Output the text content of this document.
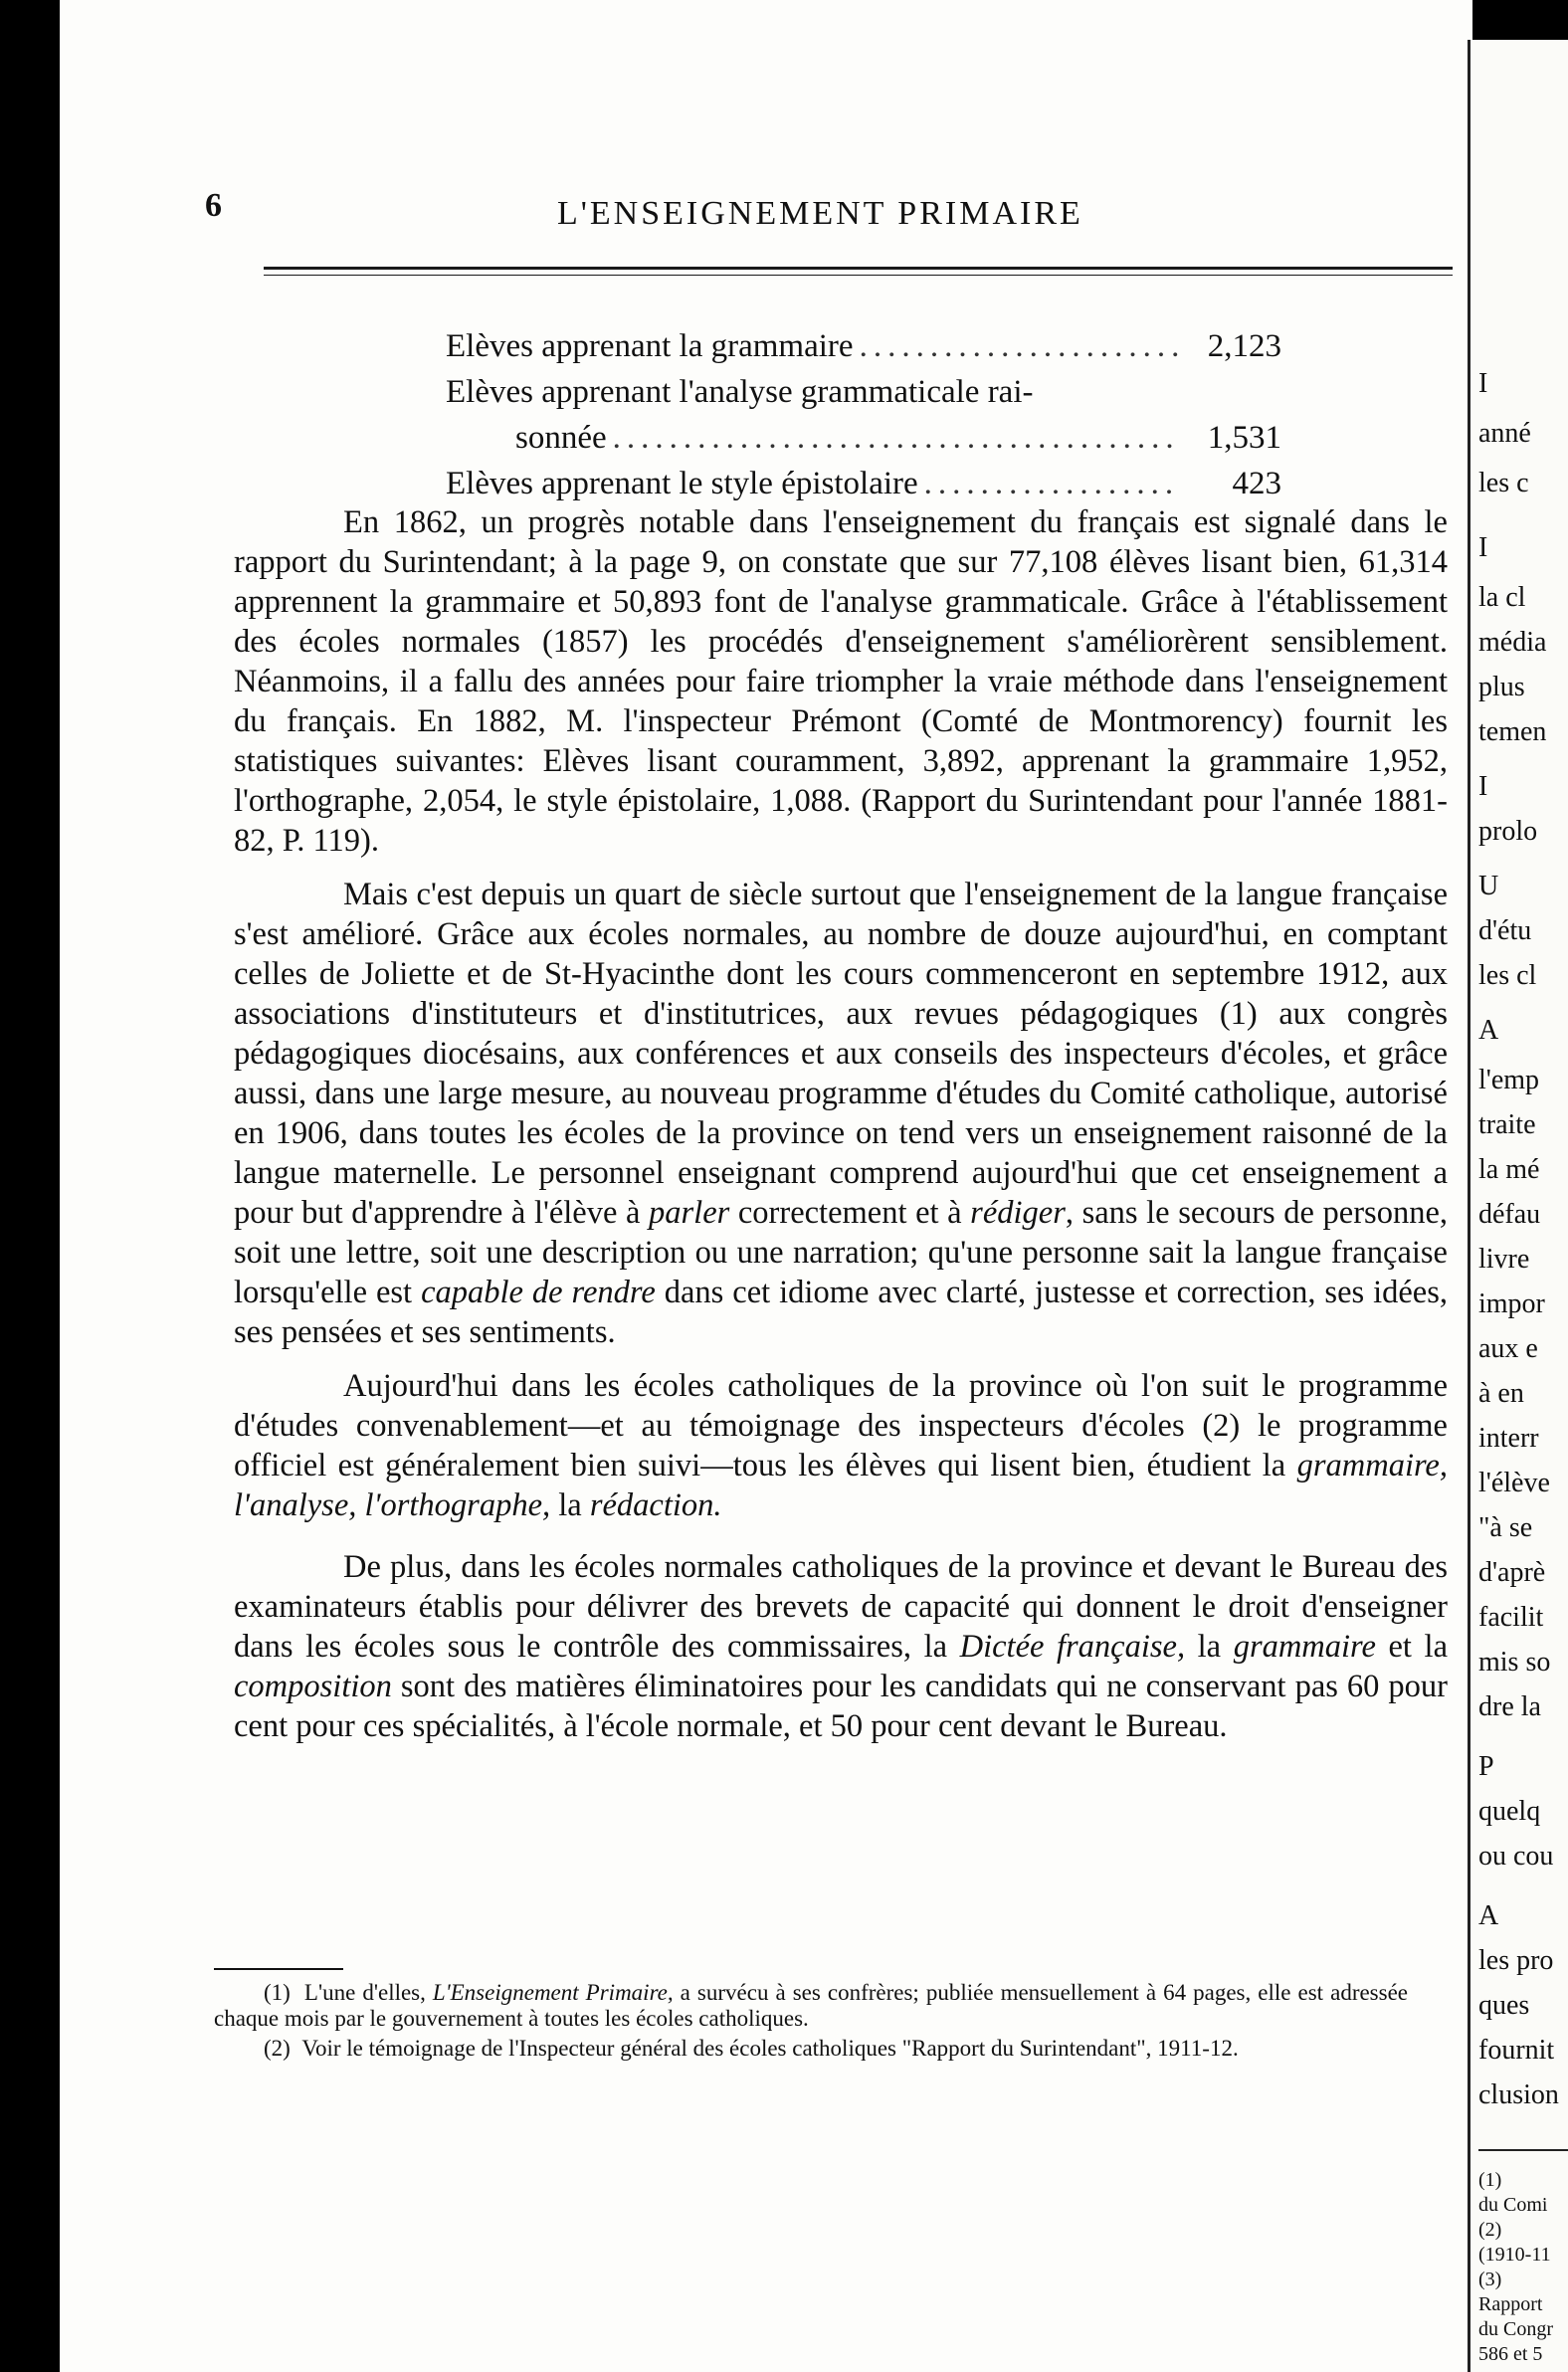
I
anné
les c
I
la cl
média
plus
temen
I
prolo
U
d'étu
les cl
A
l'emp
traite
la mé
défau
livre
impor
aux e
à en
interr
l'élève
"à se
d'aprè
facilit
mis so
dre la
P
quelq
ou cou
A
les pro
ques
fournit
clusion
(1)
du Comi
(2)
(1910-11
(3)
Rapport
du Congr
586 et 5
6	L'ENSEIGNEMENT PRIMAIRE
Elèves apprenant la grammaire .....	2,123
Elèves apprenant l'analyse grammaticale rai-
sonnée .....	1,531
Elèves apprenant le style épistolaire .....	423

En 1862, un progrès notable dans l'enseignement du français est signalé dans le rapport du Surintendant; à la page 9, on constate que sur 77,108 élèves lisant bien, 61,314 apprennent la grammaire et 50,893 font de l'analyse grammaticale. Grâce à l'établissement des écoles normales (1857) les procédés d'enseignement s'améliorèrent sensiblement. Néanmoins, il a fallu des années pour faire triompher la vraie méthode dans l'enseignement du français. En 1882, M. l'inspecteur Prémont (Comté de Montmorency) fournit les statistiques suivantes: Elèves lisant couramment, 3,892, apprenant la grammaire 1,952, l'orthographe, 2,054, le style épistolaire, 1,088. (Rapport du Surintendant pour l'année 1881-82, P. 119).

Mais c'est depuis un quart de siècle surtout que l'enseignement de la langue française s'est amélioré. Grâce aux écoles normales, au nombre de douze aujourd'hui, en comptant celles de Joliette et de St-Hyacinthe dont les cours commenceront en septembre 1912, aux associations d'instituteurs et d'institutrices, aux revues pédagogiques (1) aux congrès pédagogiques diocésains, aux conférences et aux conseils des inspecteurs d'écoles, et grâce aussi, dans une large mesure, au nouveau programme d'études du Comité catholique, autorisé en 1906, dans toutes les écoles de la province on tend vers un enseignement raisonné de la langue maternelle. Le personnel enseignant comprend aujourd'hui que cet enseignement a pour but d'apprendre à l'élève à parler correctement et à rédiger, sans le secours de personne, soit une lettre, soit une description ou une narration; qu'une personne sait la langue française lorsqu'elle est capable de rendre dans cet idiome avec clarté, justesse et correction, ses idées, ses pensées et ses sentiments.

Aujourd'hui dans les écoles catholiques de la province où l'on suit le programme d'études convenablement—et au témoignage des inspecteurs d'écoles (2) le programme officiel est généralement bien suivi—tous les élèves qui lisent bien, étudient la grammaire, l'analyse, l'orthographe, la rédaction.

De plus, dans les écoles normales catholiques de la province et devant le Bureau des examinateurs établis pour délivrer des brevets de capacité qui donnent le droit d'enseigner dans les écoles sous le contrôle des commissaires, la Dictée française, la grammaire et la composition sont des matières éliminatoires pour les candidats qui ne conservant pas 60 pour cent pour ces spécialités, à l'école normale, et 50 pour cent devant le Bureau.

(1) L'une d'elles, L'Enseignement Primaire, a survécu à ses confrères; publiée mensuellement à 64 pages, elle est adressée chaque mois par le gouvernement à toutes les écoles catholiques.

(2) Voir le témoignage de l'Inspecteur général des écoles catholiques "Rapport du Surintendant", 1911-12.
